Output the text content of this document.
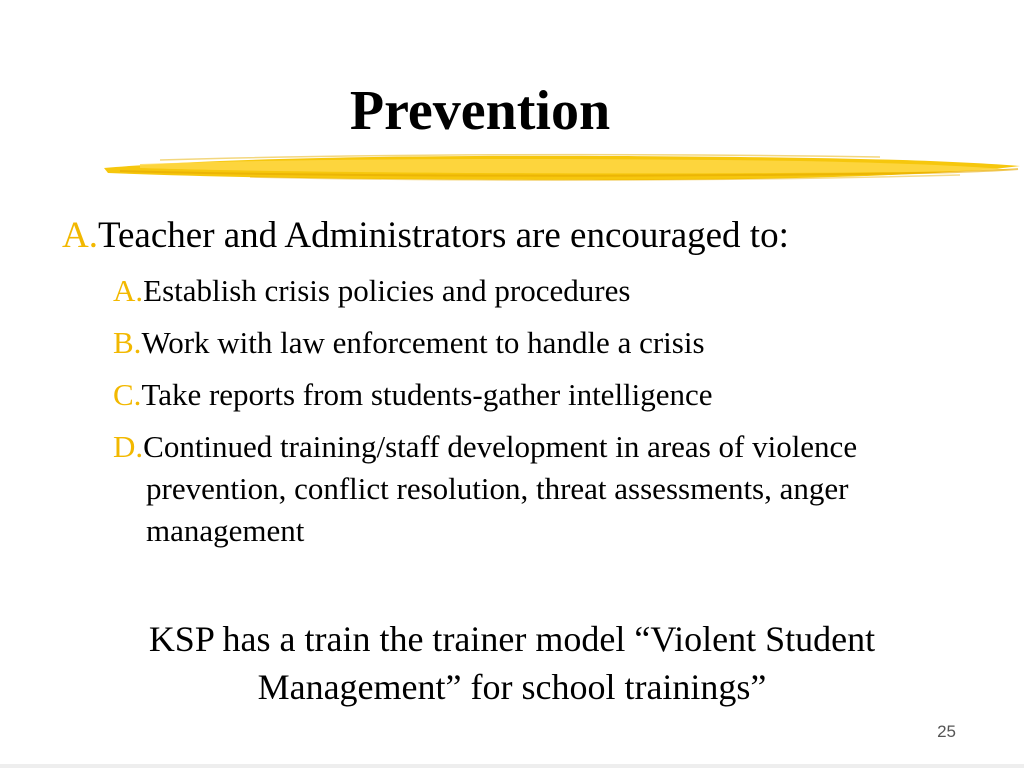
Prevention
A.Teacher and Administrators are encouraged to:
A.Establish crisis policies and procedures
B.Work with law enforcement to handle a crisis
C.Take reports from students-gather intelligence
D.Continued training/staff development in areas of violence prevention, conflict resolution, threat assessments, anger management

KSP has a train the trainer model “Violent Student Management” for school trainings”

25
